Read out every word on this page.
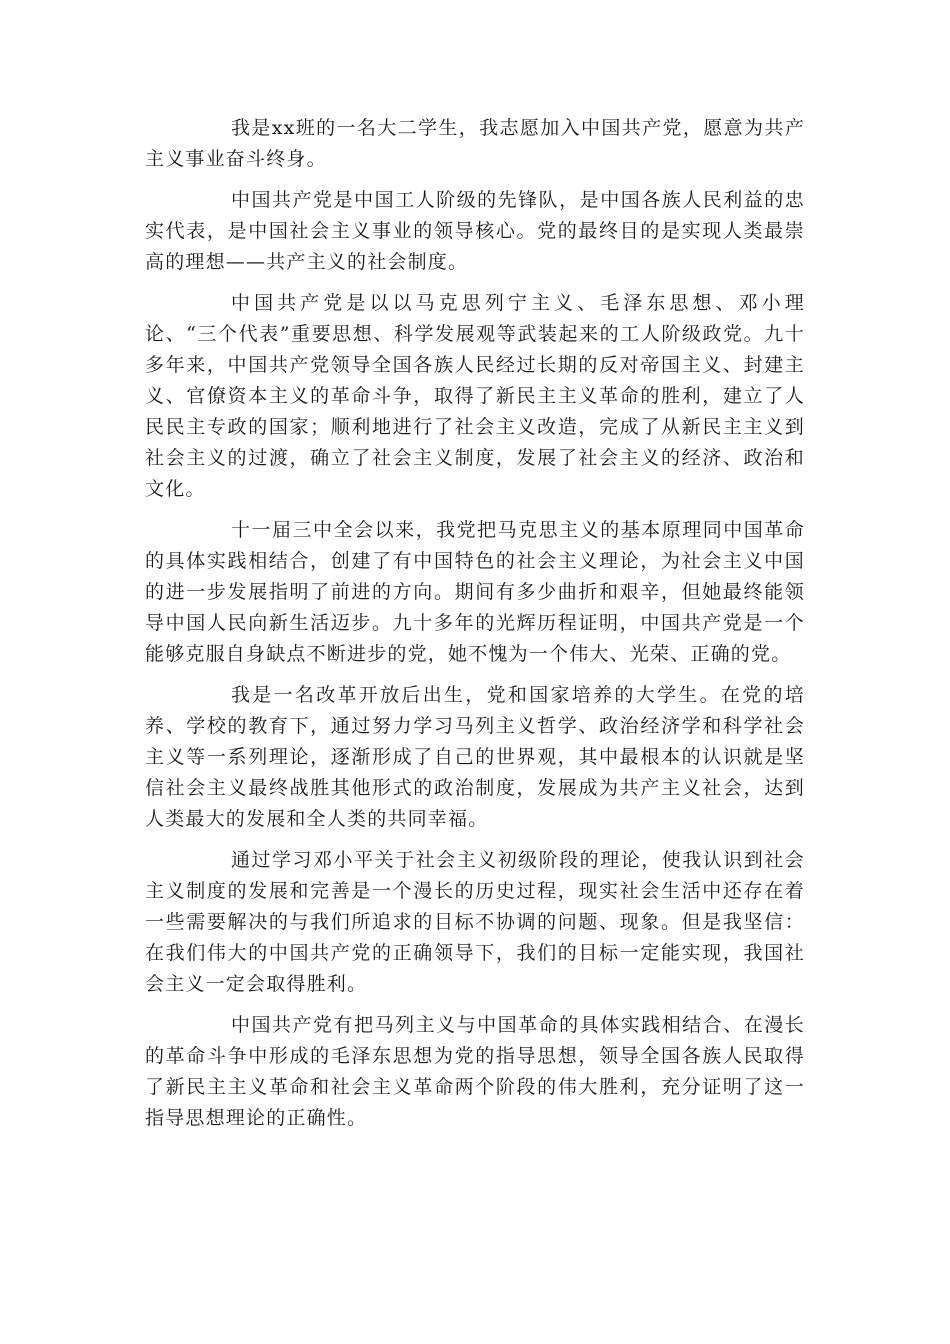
我是xx班的一名大二学生，我志愿加入中国共产党，愿意为共产主义事业奋斗终身。

中国共产党是中国工人阶级的先锋队，是中国各族人民利益的忠实代表，是中国社会主义事业的领导核心。党的最终目的是实现人类最崇高的理想——共产主义的社会制度。

中国共产党是以以马克思列宁主义、毛泽东思想、邓小理论、“三个代表”重要思想、科学发展观等武装起来的工人阶级政党。九十多年来，中国共产党领导全国各族人民经过长期的反对帝国主义、封建主义、官僚资本主义的革命斗争，取得了新民主主义革命的胜利，建立了人民民主专政的国家；顺利地进行了社会主义改造，完成了从新民主主义到社会主义的过渡，确立了社会主义制度，发展了社会主义的经济、政治和文化。

十一届三中全会以来，我党把马克思主义的基本原理同中国革命的具体实践相结合，创建了有中国特色的社会主义理论，为社会主义中国的进一步发展指明了前进的方向。期间有多少曲折和艰辛，但她最终能领导中国人民向新生活迈步。九十多年的光辉历程证明，中国共产党是一个能够克服自身缺点不断进步的党，她不愧为一个伟大、光荣、正确的党。

我是一名改革开放后出生，党和国家培养的大学生。在党的培养、学校的教育下，通过努力学习马列主义哲学、政治经济学和科学社会主义等一系列理论，逐渐形成了自己的世界观，其中最根本的认识就是坚信社会主义最终战胜其他形式的政治制度，发展成为共产主义社会，达到人类最大的发展和全人类的共同幸福。

通过学习邓小平关于社会主义初级阶段的理论，使我认识到社会主义制度的发展和完善是一个漫长的历史过程，现实社会生活中还存在着一些需要解决的与我们所追求的目标不协调的问题、现象。但是我坚信：在我们伟大的中国共产党的正确领导下，我们的目标一定能实现，我国社会主义一定会取得胜利。

中国共产党有把马列主义与中国革命的具体实践相结合、在漫长的革命斗争中形成的毛泽东思想为党的指导思想，领导全国各族人民取得了新民主主义革命和社会主义革命两个阶段的伟大胜利，充分证明了这一指导思想理论的正确性。
